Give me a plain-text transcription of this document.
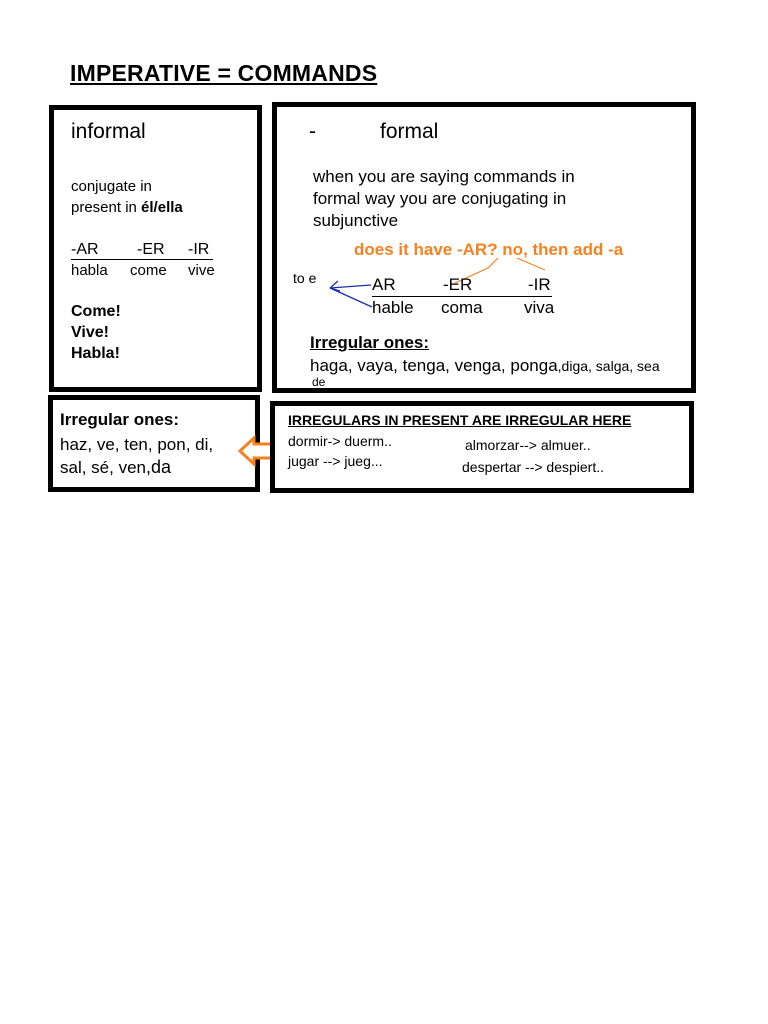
IMPERATIVE = COMMANDS
informal
conjugate in
present in él/ella
-AR -ER -IR
habla come vive
Come!
Vive!
Habla!
-	formal
when you are saying commands in
formal way you are conjugating in
subjunctive
does it have -AR? no, then add -a
to e	AR	-ER	-IR
hable coma viva
Irregular ones:
haga, vaya, tenga, venga, ponga,diga, salga, sea
de
Irregular ones:
haz, ve, ten, pon, di,
sal, sé, ven,da
IRREGULARS IN PRESENT ARE IRREGULAR HERE
dormir-> duerm..	almorzar--> almuer..
jugar --> jueg...	despertar --> despiert..
